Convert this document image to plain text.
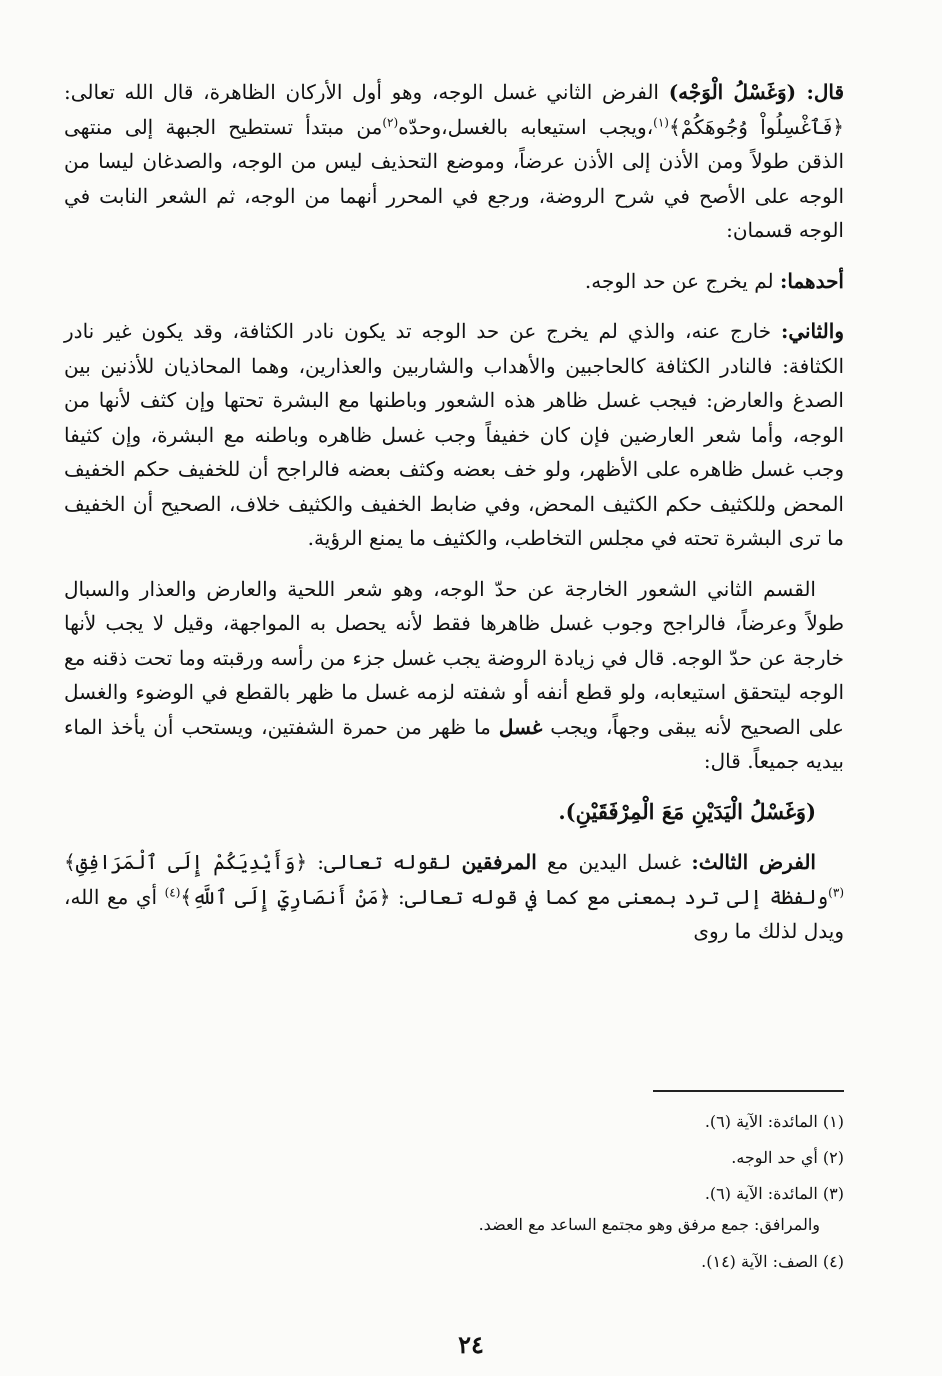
قال: (وَغَسْلُ الْوَجْه) الفرض الثاني غسل الوجه، وهو أول الأركان الظاهرة، قال الله تعالى: ﴿فَٱغْسِلُواْ وُجُوهَكُمْ﴾$^{(١)}$،ويجب استيعابه بالغسل،وحدّه$^{(٢)}$من مبتدأ تستطيح الجبهة إلى منتهى الذقن طولاً ومن الأذن إلى الأذن عرضاً، وموضع التحذيف ليس من الوجه، والصدغان ليسا من الوجه على الأصح في شرح الروضة، ورجع في المحرر أنهما من الوجه، ثم الشعر النابت في الوجه قسمان:

أحدهما: لم يخرج عن حد الوجه.

والثاني: خارج عنه، والذي لم يخرج عن حد الوجه تد يكون نادر الكثافة، وقد يكون غير نادر الكثافة: فالنادر الكثافة كالحاجبين والأهداب والشاربين والعذارين، وهما المحاذيان للأذنين بين الصدغ والعارض: فيجب غسل ظاهر هذه الشعور وباطنها مع البشرة تحتها وإن كثف لأنها من الوجه، وأما شعر العارضين فإن كان خفيفاً وجب غسل ظاهره وباطنه مع البشرة، وإن كثيفا وجب غسل ظاهره على الأظهر، ولو خف بعضه وكثف بعضه فالراجح أن للخفيف حكم الخفيف المحض وللكثيف حكم الكثيف المحض، وفي ضابط الخفيف والكثيف خلاف، الصحيح أن الخفيف ما ترى البشرة تحته في مجلس التخاطب، والكثيف ما يمنع الرؤية.

القسم الثاني الشعور الخارجة عن حدّ الوجه، وهو شعر اللحية والعارض والعذار والسبال طولاً وعرضاً، فالراجح وجوب غسل ظاهرها فقط لأنه يحصل به المواجهة، وقيل لا يجب لأنها خارجة عن حدّ الوجه. قال في زيادة الروضة يجب غسل جزء من رأسه ورقبته وما تحت ذقنه مع الوجه ليتحقق استيعابه، ولو قطع أنفه أو شفته لزمه غسل ما ظهر بالقطع في الوضوء والغسل على الصحيح لأنه يبقى وجهاً، ويجب غسل ما ظهر من حمرة الشفتين، ويستحب أن يأخذ الماء بيديه جميعاً. قال:

(وَغَسْلُ الْيَدَيْنِ مَعَ الْمِرْفَقَيْنِ).

الفرض الثالث: غسل اليدين مع المرفقين لقوله تعالى: ﴿وَأَيْدِيَكُمْ إِلَى ٱلْمَرَافِقِ﴾$^{(٣)}$ولفظة إلى ترد بمعنى مع كما في قوله تعالى: ﴿مَنْ أَنصَارِيٓ إِلَى ٱللَّهِ﴾$^{(٤)}$ أي مع الله، ويدل لذلك ما روى

(١) المائدة: الآية (٦).
(٢) أي حد الوجه.
(٣) المائدة: الآية (٦).
والمرافق: جمع مرفق وهو مجتمع الساعد مع العضد.
(٤) الصف: الآية (١٤).
٢٤
